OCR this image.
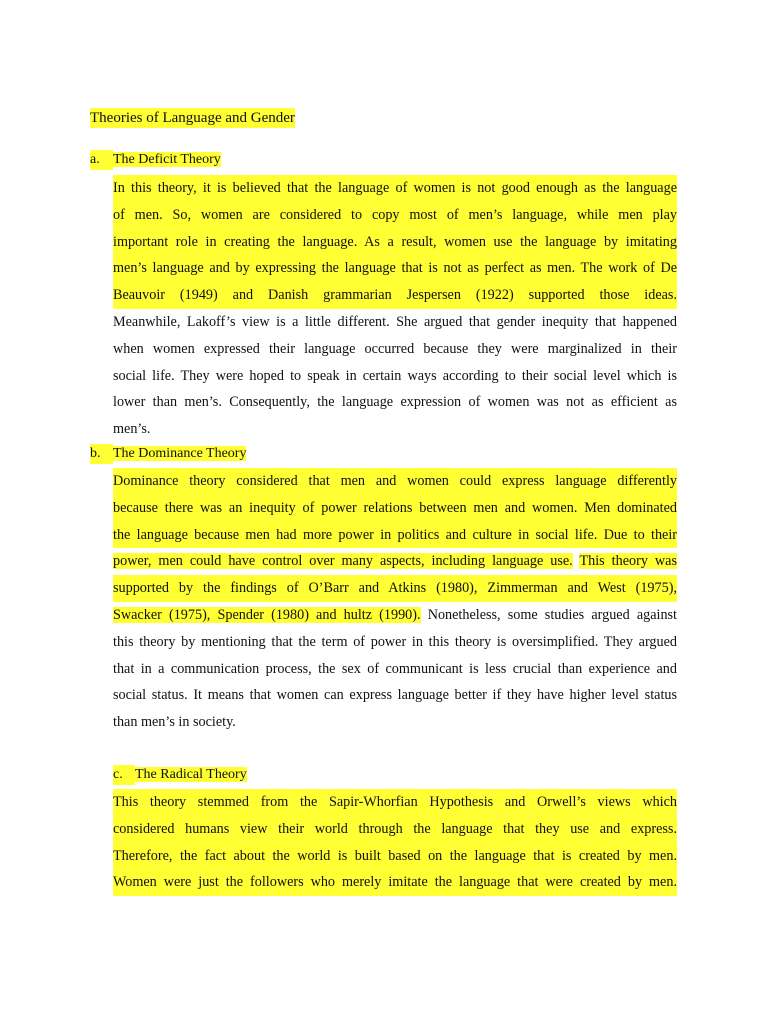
Theories of Language and Gender
a. The Deficit Theory
In this theory, it is believed that the language of women is not good enough as the language
of men. So, women are considered to copy most of men’s language, while men play
important role in creating the language. As a result, women use the language by imitating
men’s language and by expressing the language that is not as perfect as men. The work of De
Beauvoir (1949) and Danish grammarian Jespersen (1922) supported those ideas.
Meanwhile, Lakoff’s view is a little different. She argued that gender inequity that happened
when women expressed their language occurred because they were marginalized in their
social life. They were hoped to speak in certain ways according to their social level which is
lower than men’s. Consequently, the language expression of women was not as efficient as
men’s.
b. The Dominance Theory
Dominance theory considered that men and women could express language differently
because there was an inequity of power relations between men and women. Men dominated
the language because men had more power in politics and culture in social life. Due to their
power, men could have control over many aspects, including language use. This theory was
supported by the findings of O’Barr and Atkins (1980), Zimmerman and West (1975),
Swacker (1975), Spender (1980) and hultz (1990). Nonetheless, some studies argued against
this theory by mentioning that the term of power in this theory is oversimplified. They argued
that in a communication process, the sex of communicant is less crucial than experience and
social status. It means that women can express language better if they have higher level status
than men’s in society.
c. The Radical Theory
This theory stemmed from the Sapir-Whorfian Hypothesis and Orwell’s views which
considered humans view their world through the language that they use and express.
Therefore, the fact about the world is built based on the language that is created by men.
Women were just the followers who merely imitate the language that were created by men.
